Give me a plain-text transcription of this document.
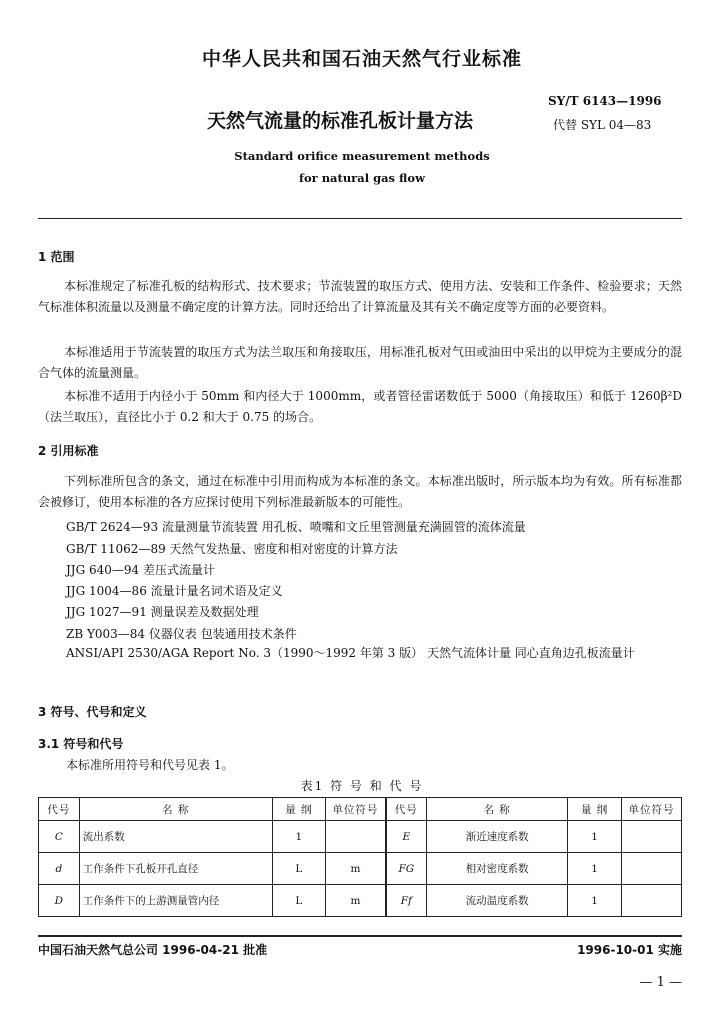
中华人民共和国石油天然气行业标准
天然气流量的标准孔板计量方法
SY/T 6143—1996
代替 SYL 04—83
Standard orifice measurement methods
for natural gas flow
1 范围
本标准规定了标准孔板的结构形式、技术要求；节流装置的取压方式、使用方法、安装和工作条件、检验要求；天然气标准体积流量以及测量不确定度的计算方法。同时还给出了计算流量及其有关不确定度等方面的必要资料。
本标准适用于节流装置的取压方式为法兰取压和角接取压，用标准孔板对气田或油田中采出的以甲烷为主要成分的混合气体的流量测量。
本标准不适用于内径小于 50mm 和内径大于 1000mm，或者管径雷诺数低于 5000（角接取压）和低于 1260β²D（法兰取压），直径比小于 0.2 和大于 0.75 的场合。
2 引用标准
下列标准所包含的条文，通过在标准中引用而构成为本标准的条文。本标准出版时，所示版本均为有效。所有标准都会被修订，使用本标准的各方应探讨使用下列标准最新版本的可能性。
GB/T 2624—93 流量测量节流装置 用孔板、喷嘴和文丘里管测量充满圆管的流体流量
GB/T 11062—89 天然气发热量、密度和相对密度的计算方法
JJG 640—94 差压式流量计
JJG 1004—86 流量计量名词术语及定义
JJG 1027—91 测量误差及数据处理
ZB Y003—84 仪器仪表 包装通用技术条件
ANSI/API 2530/AGA Report No. 3（1990～1992 年第 3 版） 天然气流体计量 同心直角边孔板流量计
3 符号、代号和定义
3.1 符号和代号
本标准所用符号和代号见表 1。
表1 符 号 和 代 号
代号	名 称	量 纲	单位符号	代号	名 称	量 纲	单位符号
C	流出系数	1		E	渐近速度系数	1	
d	工作条件下孔板开孔直径	L	m	FG	相对密度系数	1	
D	工作条件下的上游测量管内径	L	m	Ff	流动温度系数	1	
中国石油天然气总公司 1996-04-21 批准	1996-10-01 实施
— 1 —
